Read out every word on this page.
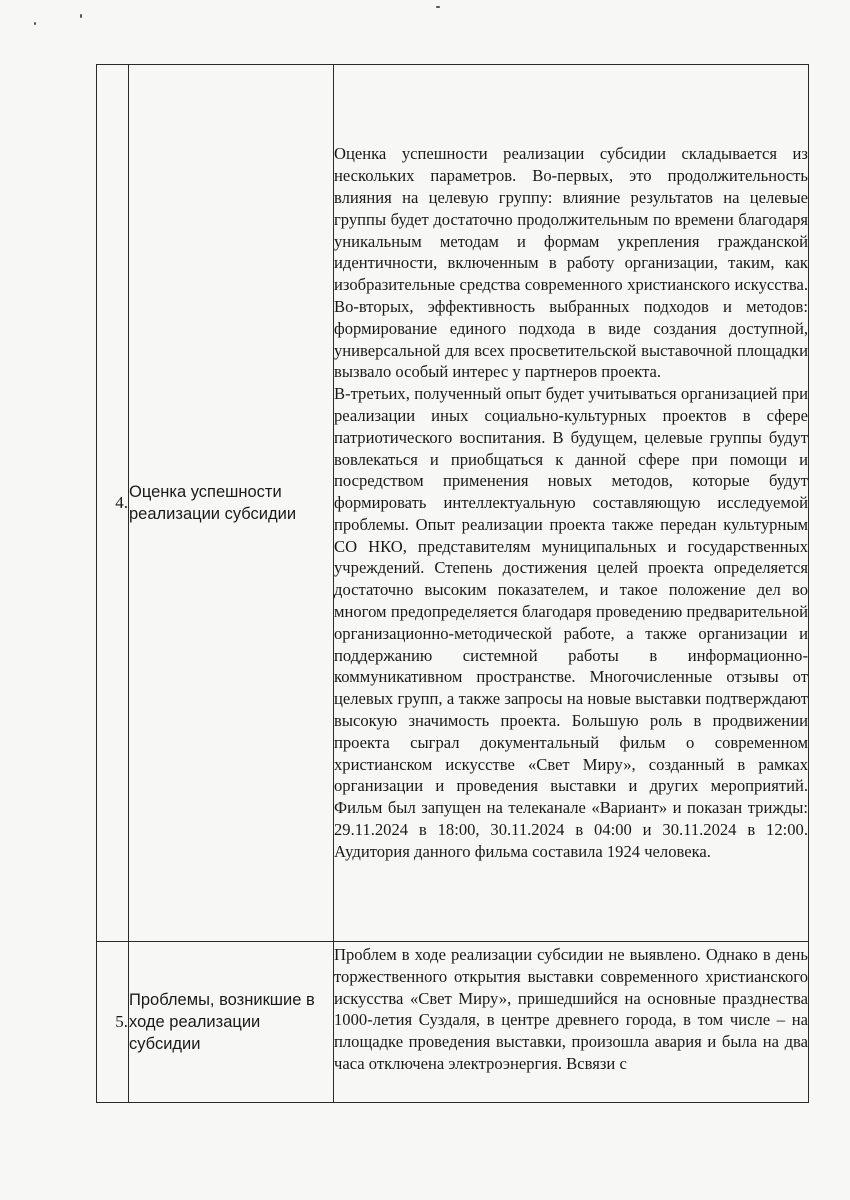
4.	Оценка успешности реализации субсидии	Оценка успешности реализации субсидии складывается из нескольких параметров. Во-первых, это продолжительность влияния на целевую группу: влияние результатов на целевые группы будет достаточно продолжительным по времени благодаря уникальным методам и формам укрепления гражданской идентичности, включенным в работу организации, таким, как изобразительные средства современного христианского искусства. Во-вторых, эффективность выбранных подходов и методов: формирование единого подхода в виде создания доступной, универсальной для всех просветительской выставочной площадки вызвало особый интерес у партнеров проекта.

В-третьих, полученный опыт будет учитываться организацией при реализации иных социально-культурных проектов в сфере патриотического воспитания. В будущем, целевые группы будут вовлекаться и приобщаться к данной сфере при помощи и посредством применения новых методов, которые будут формировать интеллектуальную составляющую исследуемой проблемы. Опыт реализации проекта также передан культурным СО НКО, представителям муниципальных и государственных учреждений. Степень достижения целей проекта определяется достаточно высоким показателем, и такое положение дел во многом предопределяется благодаря проведению предварительной организационно-методической работе, а также организации и поддержанию системной работы в информационно-коммуникативном пространстве. Многочисленные отзывы от целевых групп, а также запросы на новые выставки подтверждают высокую значимость проекта. Большую роль в продвижении проекта сыграл документальный фильм о современном христианском искусстве «Свет Миру», созданный в рамках организации и проведения выставки и других мероприятий. Фильм был запущен на телеканале «Вариант» и показан трижды: 29.11.2024 в 18:00, 30.11.2024 в 04:00 и 30.11.2024 в 12:00. Аудитория данного фильма составила 1924 человека.

5.	Проблемы, возникшие в ходе реализации субсидии	Проблем в ходе реализации субсидии не выявлено. Однако в день торжественного открытия выставки современного христианского искусства «Свет Миру», пришедшийся на основные празднества 1000-летия Суздаля, в центре древнего города, в том числе – на площадке проведения выставки, произошла авария и была на два часа отключена электроэнергия. Всвязи с
